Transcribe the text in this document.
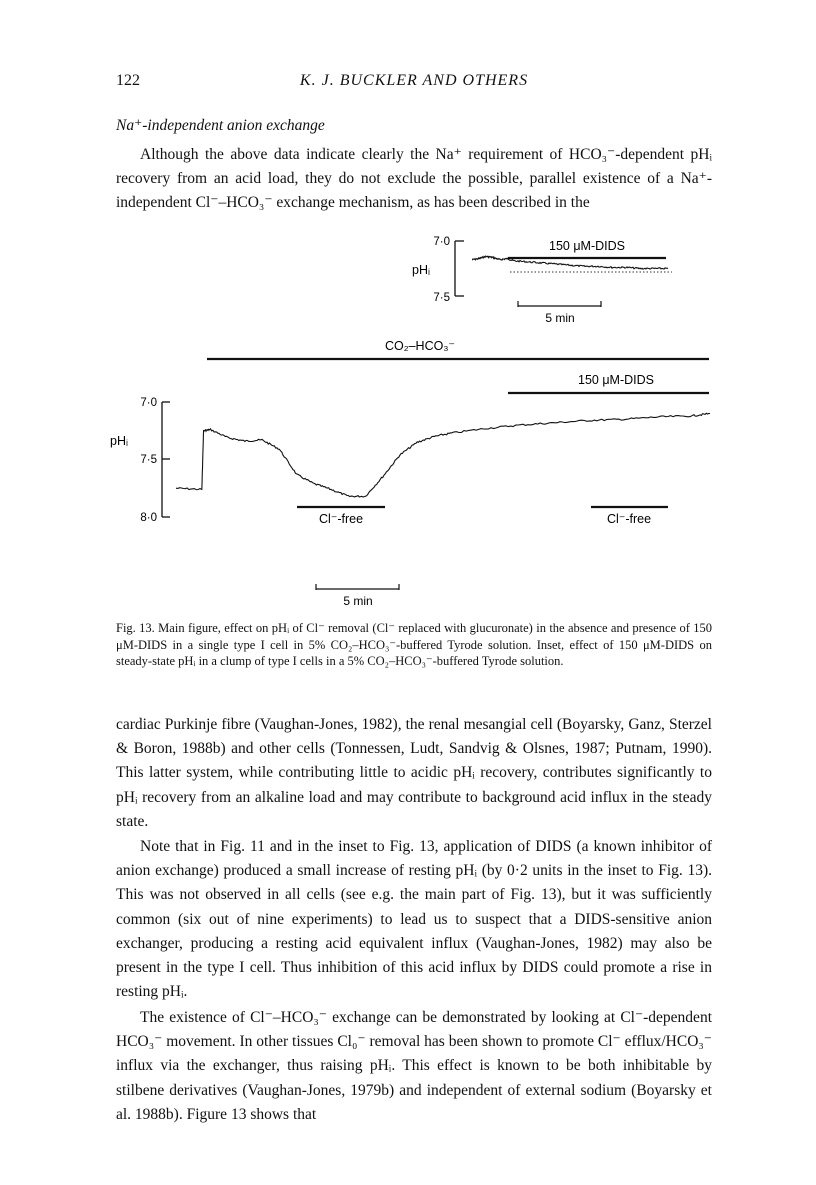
122	K. J. BUCKLER AND OTHERS
Na⁺-independent anion exchange

Although the above data indicate clearly the Na⁺ requirement of HCO₃⁻-dependent pHᵢ recovery from an acid load, they do not exclude the possible, parallel existence of a Na⁺-independent Cl⁻–HCO₃⁻ exchange mechanism, as has been described in the

7·0
7·5
pHᵢ
150 μM-DIDS
5 min
CO₂–HCO₃⁻
150 μM-DIDS
7·0
7·5
8·0
pHᵢ
Cl⁻-free	Cl⁻-free
5 min
Fig. 13. Main figure, effect on pHᵢ of Cl⁻ removal (Cl⁻ replaced with glucuronate) in the absence and presence of 150 μM-DIDS in a single type I cell in 5% CO₂–HCO₃⁻-buffered Tyrode solution. Inset, effect of 150 μM-DIDS on steady-state pHᵢ in a clump of type I cells in a 5% CO₂–HCO₃⁻-buffered Tyrode solution.

cardiac Purkinje fibre (Vaughan-Jones, 1982), the renal mesangial cell (Boyarsky, Ganz, Sterzel & Boron, 1988b) and other cells (Tonnessen, Ludt, Sandvig & Olsnes, 1987; Putnam, 1990). This latter system, while contributing little to acidic pHᵢ recovery, contributes significantly to pHᵢ recovery from an alkaline load and may contribute to background acid influx in the steady state.

Note that in Fig. 11 and in the inset to Fig. 13, application of DIDS (a known inhibitor of anion exchange) produced a small increase of resting pHᵢ (by 0·2 units in the inset to Fig. 13). This was not observed in all cells (see e.g. the main part of Fig. 13), but it was sufficiently common (six out of nine experiments) to lead us to suspect that a DIDS-sensitive anion exchanger, producing a resting acid equivalent influx (Vaughan-Jones, 1982) may also be present in the type I cell. Thus inhibition of this acid influx by DIDS could promote a rise in resting pHᵢ.

The existence of Cl⁻–HCO₃⁻ exchange can be demonstrated by looking at Cl⁻-dependent HCO₃⁻ movement. In other tissues Cl₀⁻ removal has been shown to promote Cl⁻ efflux/HCO₃⁻ influx via the exchanger, thus raising pHᵢ. This effect is known to be both inhibitable by stilbene derivatives (Vaughan-Jones, 1979b) and independent of external sodium (Boyarsky et al. 1988b). Figure 13 shows that
